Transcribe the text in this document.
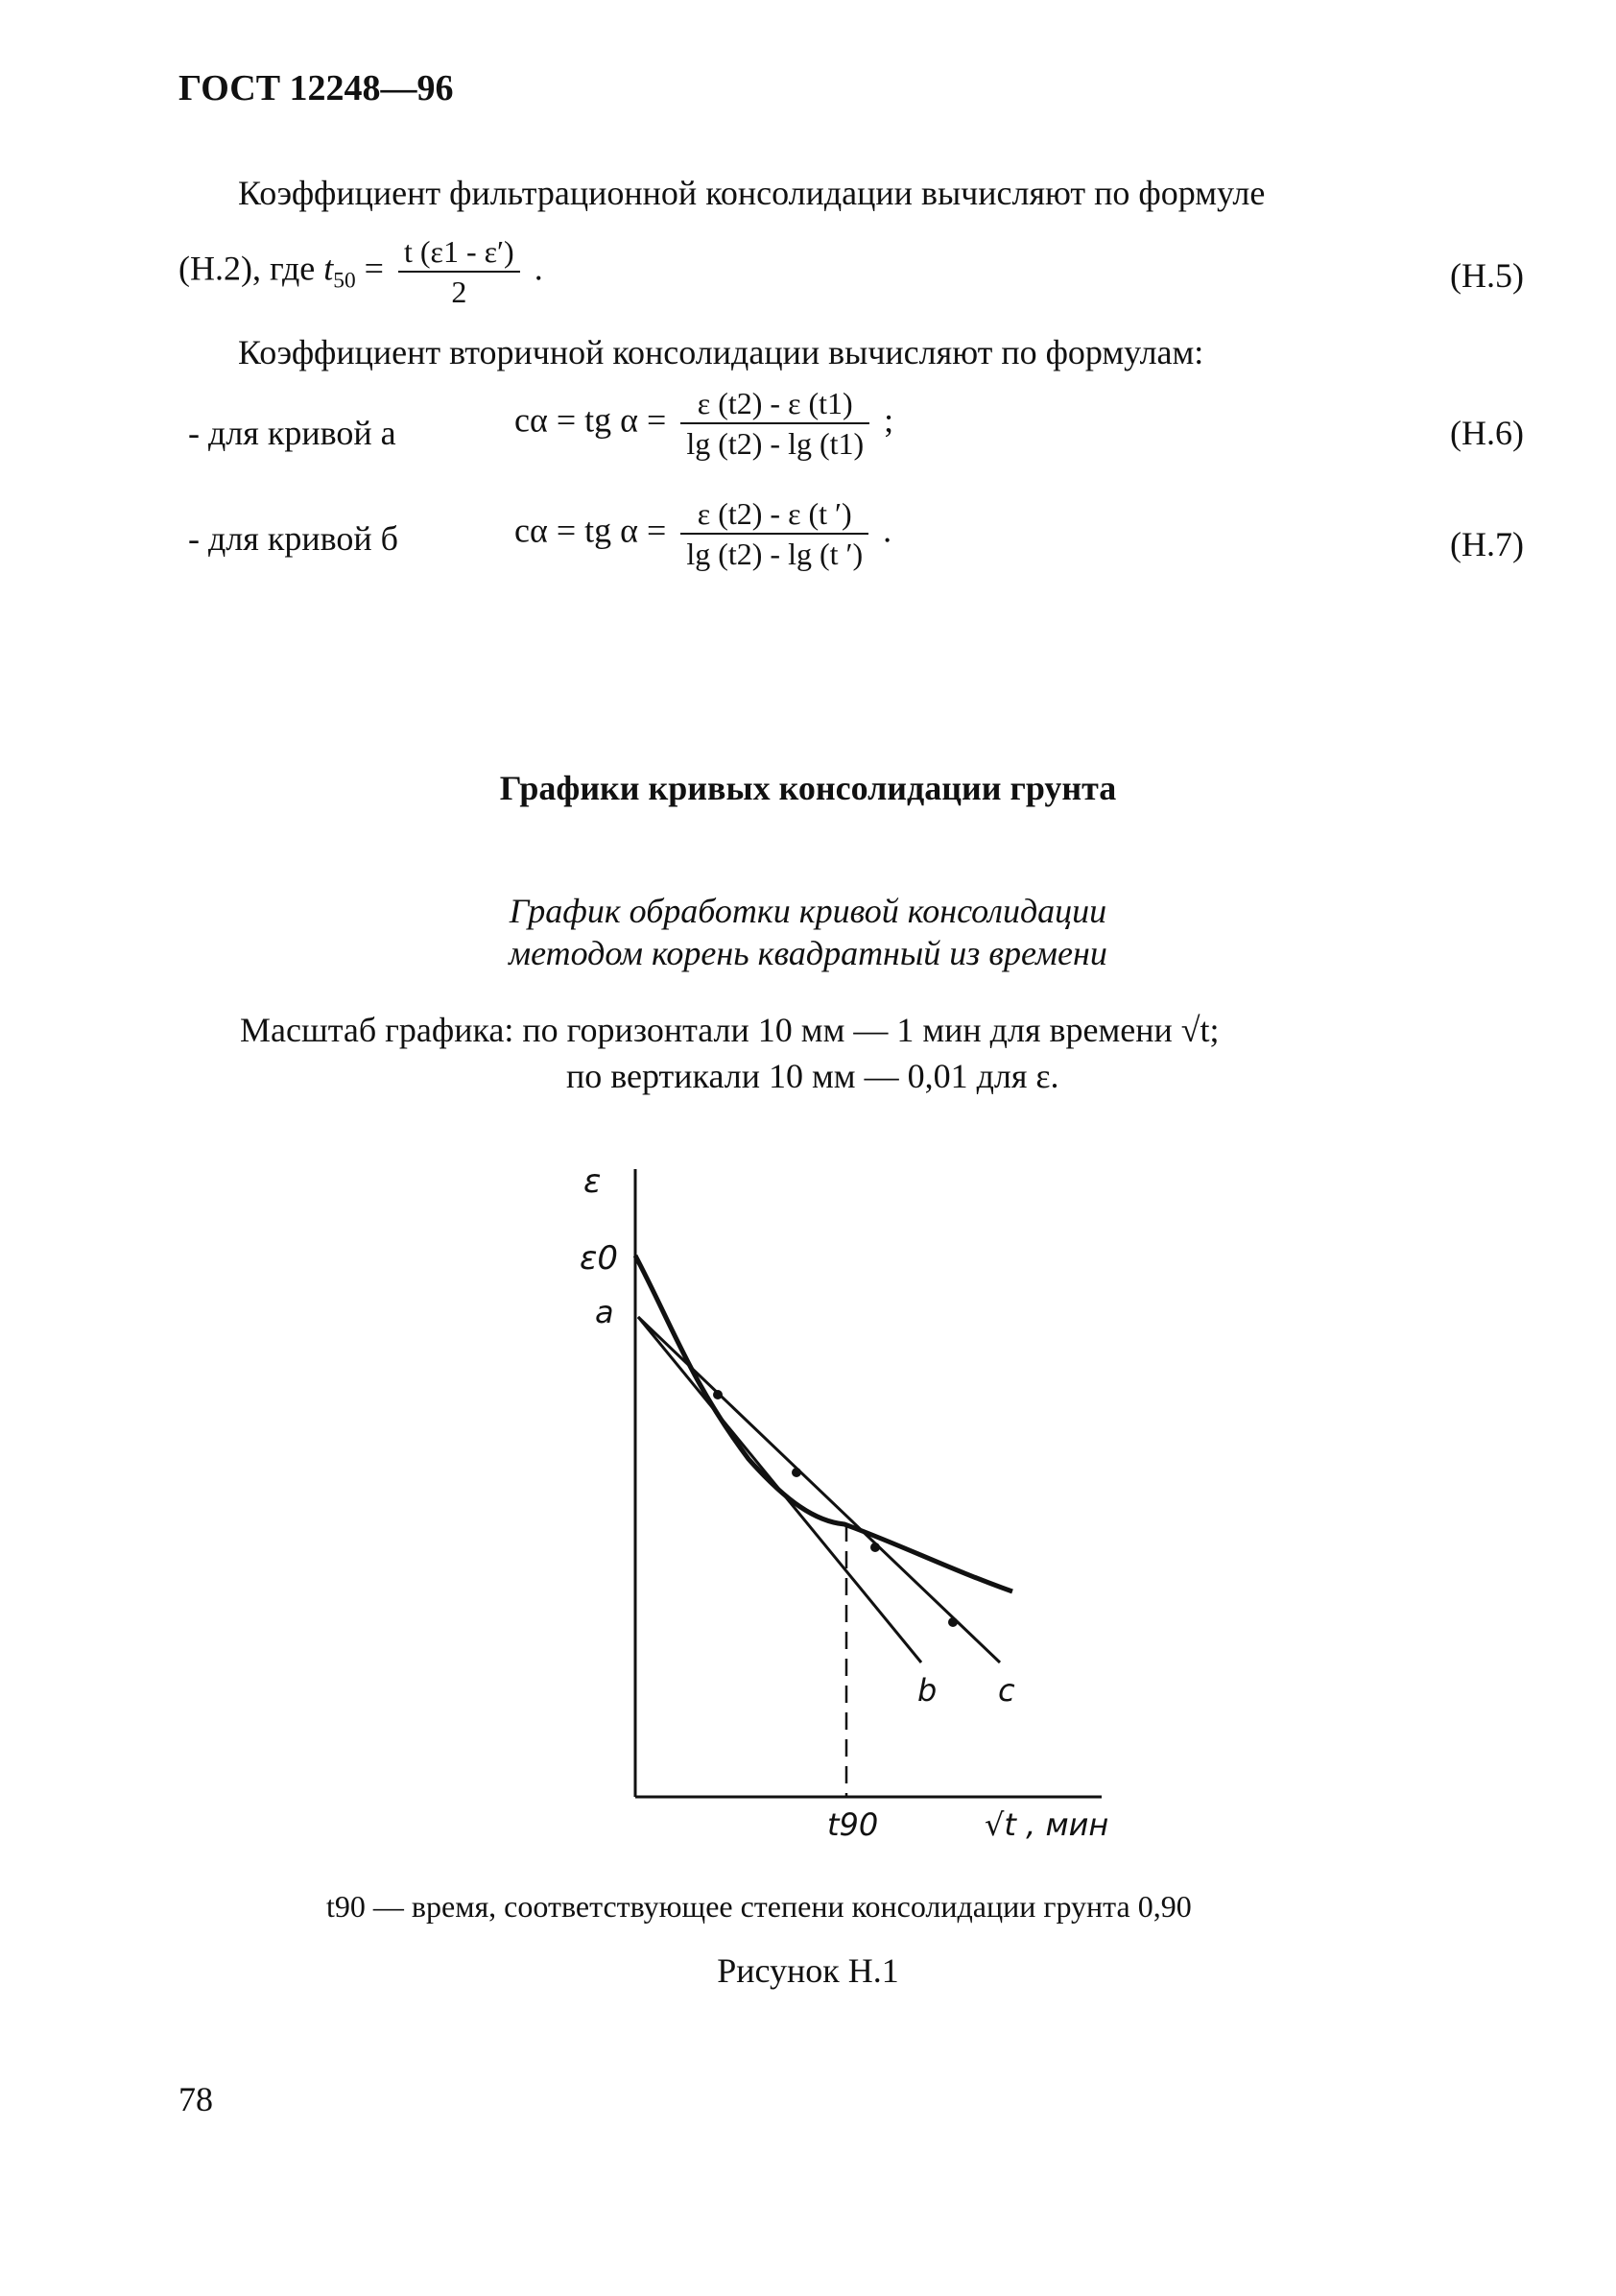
ГОСТ 12248—96
Коэффициент фильтрационной консолидации вычисляют по формуле
(Н.2), где $t_{50} = \frac{t (\varepsilon 1 - \varepsilon')}{2}$ .	(Н.5)
Коэффициент вторичной консолидации вычисляют по формулам:
- для кривой а	cα = tg $\alpha = \frac{\varepsilon (t2) - \varepsilon (t1)}{\lg (t2) - \lg (t1)}$ ;	(Н.6)
- для кривой б	cα = tg $\alpha = \frac{\varepsilon (t2) - \varepsilon (t ')}{\lg (t2) - \lg (t ')}$ .	(Н.7)
Графики кривых консолидации грунта
График обработки кривой консолидации
методом корень квадратный из времени
Масштаб графика: по горизонтали 10 мм — 1 мин для времени √t;
по вертикали 10 мм — 0,01 для ε.
ε
ε0
a
b c
t90	√t , мин
t90 — время, соответствующее степени консолидации грунта 0,90
Рисунок Н.1
78
